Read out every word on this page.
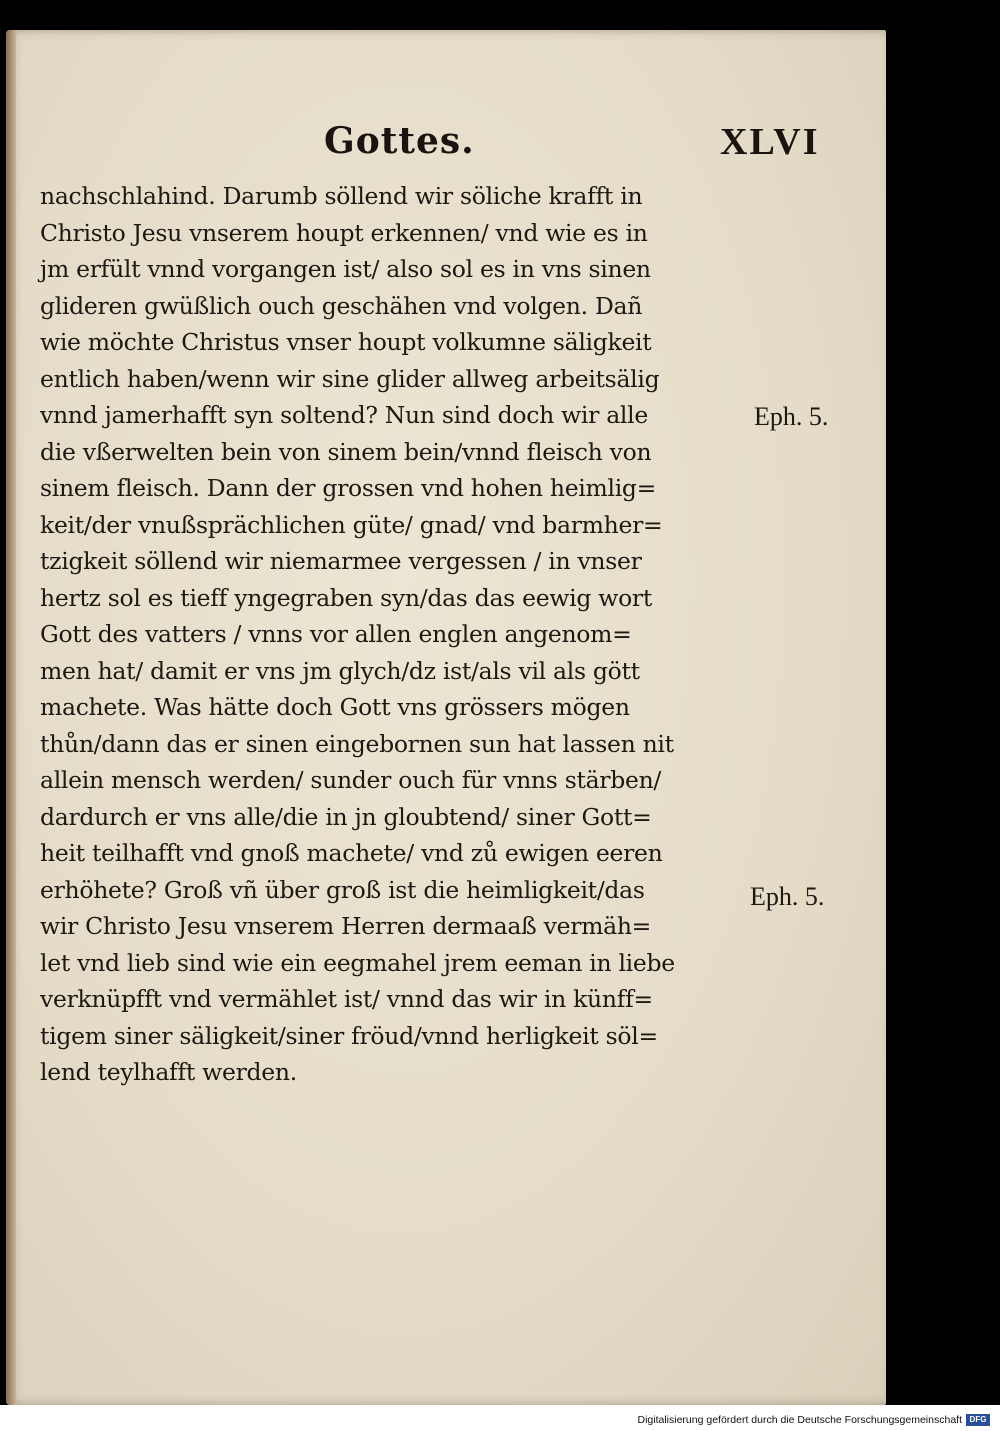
Gottes.	XLVI
nachschlahind. Darumb söllend wir söliche krafft in
Christo Jesu vnserem houpt erkennen/ vnd wie es in
jm erfült vnnd vorgangen ist/ also sol es in vns sinen
glideren gwüßlich ouch geschähen vnd volgen. Dañ
wie möchte Christus vnser houpt volkumne säligkeit
entlich haben/wenn wir sine glider allweg arbeitsälig
vnnd jamerhafft syn soltend? Nun sind doch wir alle
die vßerwelten bein von sinem bein/vnnd fleisch von
sinem fleisch. Dann der grossen vnd hohen heimlig=
keit/der vnußsprächlichen güte/ gnad/ vnd barmher=
tzigkeit söllend wir niemarmee vergessen / in vnser
hertz sol es tieff yngegraben syn/das das eewig wort
Gott des vatters / vnns vor allen englen angenom=
men hat/ damit er vns jm glych/dz ist/als vil als gött
machete. Was hätte doch Gott vns grössers mögen
thůn/dann das er sinen eingebornen sun hat lassen nit
allein mensch werden/ sunder ouch für vnns stärben/
dardurch er vns alle/die in jn gloubtend/ siner Gott=
heit teilhafft vnd gnoß machete/ vnd zů ewigen eeren
erhöhete? Groß vñ über groß ist die heimligkeit/das
wir Christo Jesu vnserem Herren dermaaß vermäh=
let vnd lieb sind wie ein eegmahel jrem eeman in liebe
verknüpfft vnd vermählet ist/ vnnd das wir in künff=
tigem siner säligkeit/siner fröud/vnnd herligkeit söl=
lend teylhafft werden.
Eph. 5.
Eph. 5.
Digitalisierung gefördert durch die Deutsche Forschungsgemeinschaft DFG
